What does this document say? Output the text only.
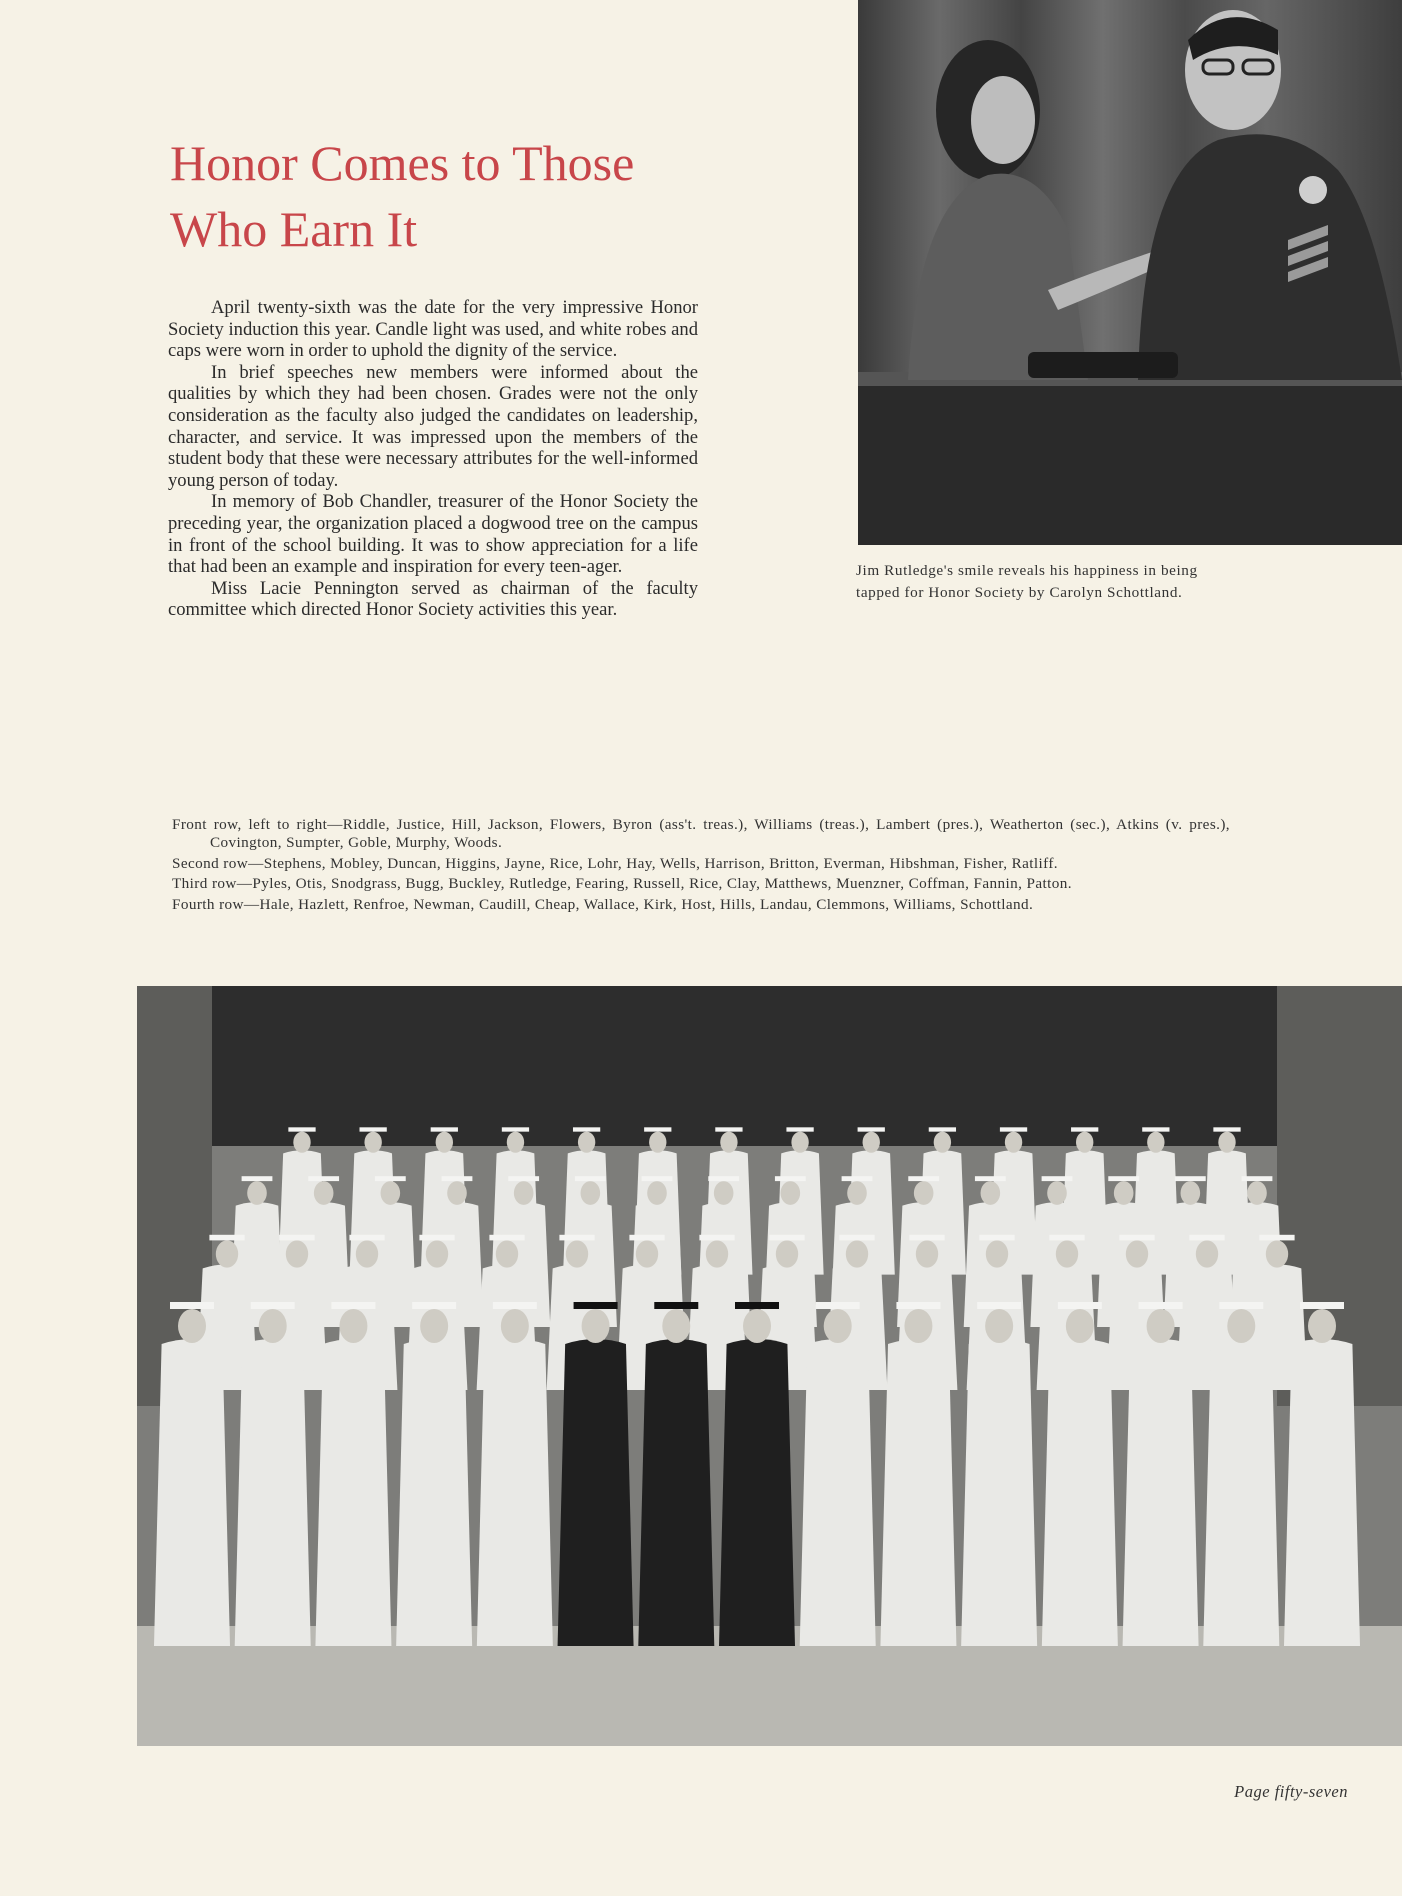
Honor Comes to Those
Who Earn It

April twenty-sixth was the date for the very impressive Honor Society induction this year. Candle light was used, and white robes and caps were worn in order to uphold the dignity of the service.

In brief speeches new members were informed about the qualities by which they had been chosen. Grades were not the only consideration as the faculty also judged the candidates on leadership, character, and service. It was impressed upon the members of the student body that these were necessary attributes for the well-informed young person of today.

In memory of Bob Chandler, treasurer of the Honor Society the preceding year, the organization placed a dogwood tree on the campus in front of the school building. It was to show appreciation for a life that had been an example and inspiration for every teen-ager.

Miss Lacie Pennington served as chairman of the faculty committee which directed Honor Society activities this year.

Jim Rutledge's smile reveals his happiness in being tapped for Honor Society by Carolyn Schottland.
Front row, left to right—Riddle, Justice, Hill, Jackson, Flowers, Byron (ass't. treas.), Williams (treas.), Lambert (pres.), Weatherton (sec.), Atkins (v. pres.), Covington, Sumpter, Goble, Murphy, Woods.
Second row—Stephens, Mobley, Duncan, Higgins, Jayne, Rice, Lohr, Hay, Wells, Harrison, Britton, Everman, Hibshman, Fisher, Ratliff.
Third row—Pyles, Otis, Snodgrass, Bugg, Buckley, Rutledge, Fearing, Russell, Rice, Clay, Matthews, Muenzner, Coffman, Fannin, Patton.
Fourth row—Hale, Hazlett, Renfroe, Newman, Caudill, Cheap, Wallace, Kirk, Host, Hills, Landau, Clemmons, Williams, Schottland.
Page fifty-seven
